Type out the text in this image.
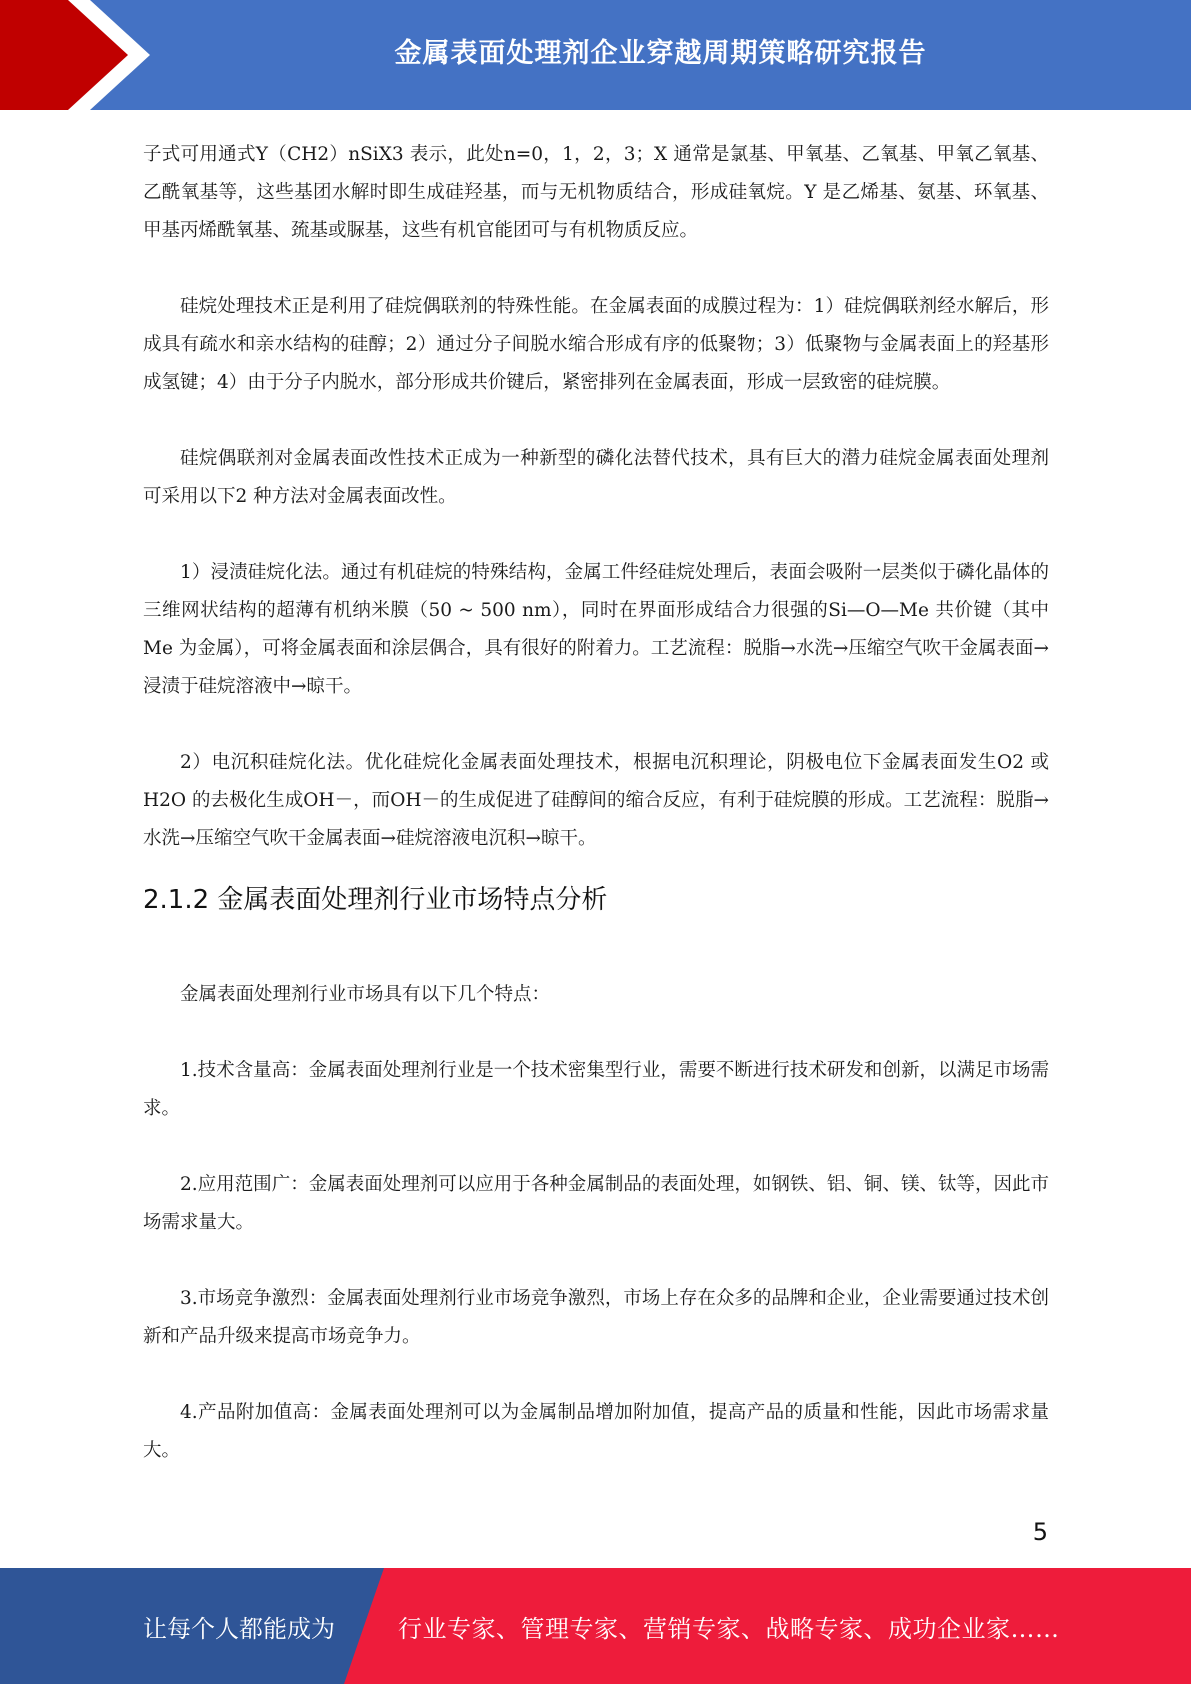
金属表面处理剂企业穿越周期策略研究报告

子式可用通式Y（CH2）nSiX3 表示，此处n=0，1，2，3；X 通常是氯基、甲氧基、乙氧基、甲氧乙氧基、乙酰氧基等，这些基团水解时即生成硅羟基，而与无机物质结合，形成硅氧烷。Y 是乙烯基、氨基、环氧基、甲基丙烯酰氧基、巯基或脲基，这些有机官能团可与有机物质反应。

硅烷处理技术正是利用了硅烷偶联剂的特殊性能。在金属表面的成膜过程为：1）硅烷偶联剂经水解后，形成具有疏水和亲水结构的硅醇；2）通过分子间脱水缩合形成有序的低聚物；3）低聚物与金属表面上的羟基形成氢键；4）由于分子内脱水，部分形成共价键后，紧密排列在金属表面，形成一层致密的硅烷膜。

硅烷偶联剂对金属表面改性技术正成为一种新型的磷化法替代技术，具有巨大的潜力硅烷金属表面处理剂可采用以下2 种方法对金属表面改性。

1）浸渍硅烷化法。通过有机硅烷的特殊结构，金属工件经硅烷处理后，表面会吸附一层类似于磷化晶体的三维网状结构的超薄有机纳米膜（50 ~ 500 nm），同时在界面形成结合力很强的Si—O—Me 共价键（其中Me 为金属），可将金属表面和涂层偶合，具有很好的附着力。工艺流程：脱脂→水洗→压缩空气吹干金属表面→浸渍于硅烷溶液中→晾干。

2）电沉积硅烷化法。优化硅烷化金属表面处理技术，根据电沉积理论，阴极电位下金属表面发生O2 或H2O 的去极化生成OH－，而OH－的生成促进了硅醇间的缩合反应，有利于硅烷膜的形成。工艺流程：脱脂→水洗→压缩空气吹干金属表面→硅烷溶液电沉积→晾干。

2.1.2 金属表面处理剂行业市场特点分析

金属表面处理剂行业市场具有以下几个特点：

1.技术含量高：金属表面处理剂行业是一个技术密集型行业，需要不断进行技术研发和创新，以满足市场需求。

2.应用范围广：金属表面处理剂可以应用于各种金属制品的表面处理，如钢铁、铝、铜、镁、钛等，因此市场需求量大。

3.市场竞争激烈：金属表面处理剂行业市场竞争激烈，市场上存在众多的品牌和企业，企业需要通过技术创新和产品升级来提高市场竞争力。

4.产品附加值高：金属表面处理剂可以为金属制品增加附加值，提高产品的质量和性能，因此市场需求量大。

5
让每个人都能成为	行业专家、管理专家、营销专家、战略专家、成功企业家……
